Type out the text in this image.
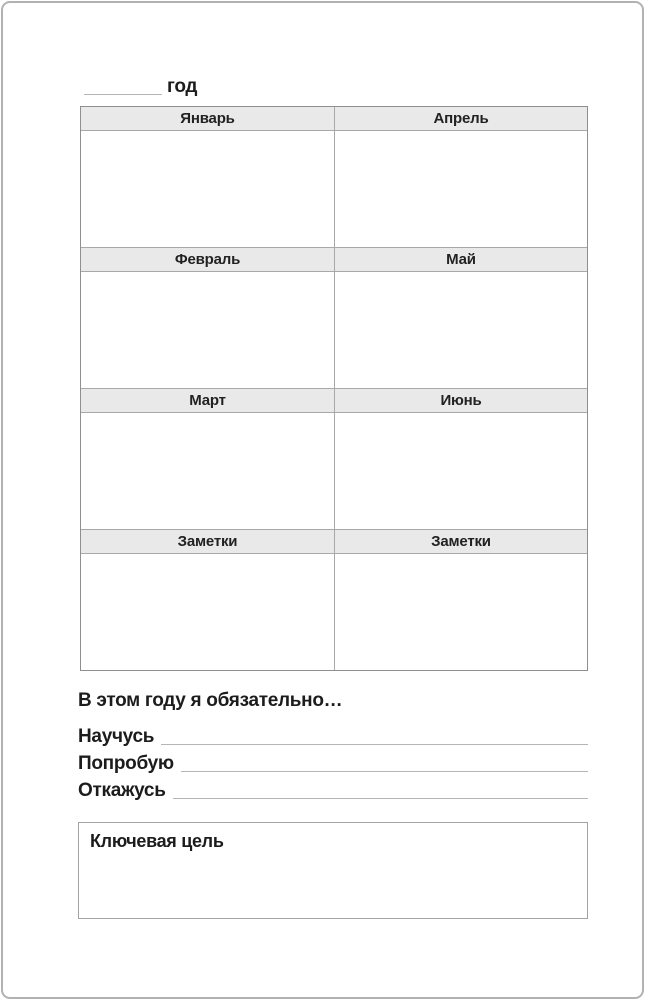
год
Январь	Апрель
Февраль	Май
Март	Июнь
Заметки	Заметки
В этом году я обязательно…
Научусь
Попробую
Откажусь
Ключевая цель
